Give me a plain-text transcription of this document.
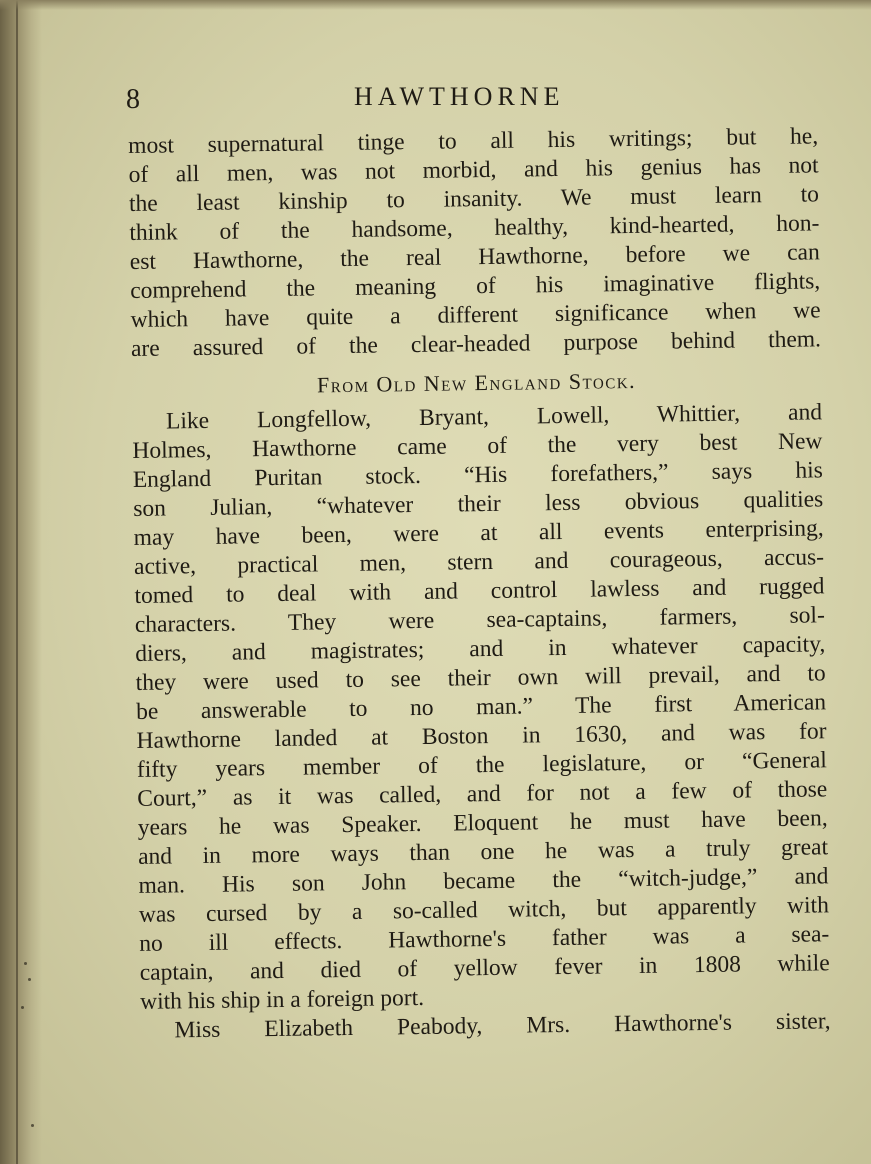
8	HAWTHORNE
most supernatural tinge to all his writings; but he,
of all men, was not morbid, and his genius has not
the least kinship to insanity. We must learn to
think of the handsome, healthy, kind-hearted, hon-
est Hawthorne, the real Hawthorne, before we can
comprehend the meaning of his imaginative flights,
which have quite a different significance when we
are assured of the clear-headed purpose behind them.
From Old New England Stock.
Like Longfellow, Bryant, Lowell, Whittier, and
Holmes, Hawthorne came of the very best New
England Puritan stock. “His forefathers,” says his
son Julian, “whatever their less obvious qualities
may have been, were at all events enterprising,
active, practical men, stern and courageous, accus-
tomed to deal with and control lawless and rugged
characters. They were sea-captains, farmers, sol-
diers, and magistrates; and in whatever capacity,
they were used to see their own will prevail, and to
be answerable to no man.” The first American
Hawthorne landed at Boston in 1630, and was for
fifty years member of the legislature, or “General
Court,” as it was called, and for not a few of those
years he was Speaker. Eloquent he must have been,
and in more ways than one he was a truly great
man. His son John became the “witch-judge,” and
was cursed by a so-called witch, but apparently with
no ill effects. Hawthorne's father was a sea-
captain, and died of yellow fever in 1808 while
with his ship in a foreign port.
Miss Elizabeth Peabody, Mrs. Hawthorne's sister,
